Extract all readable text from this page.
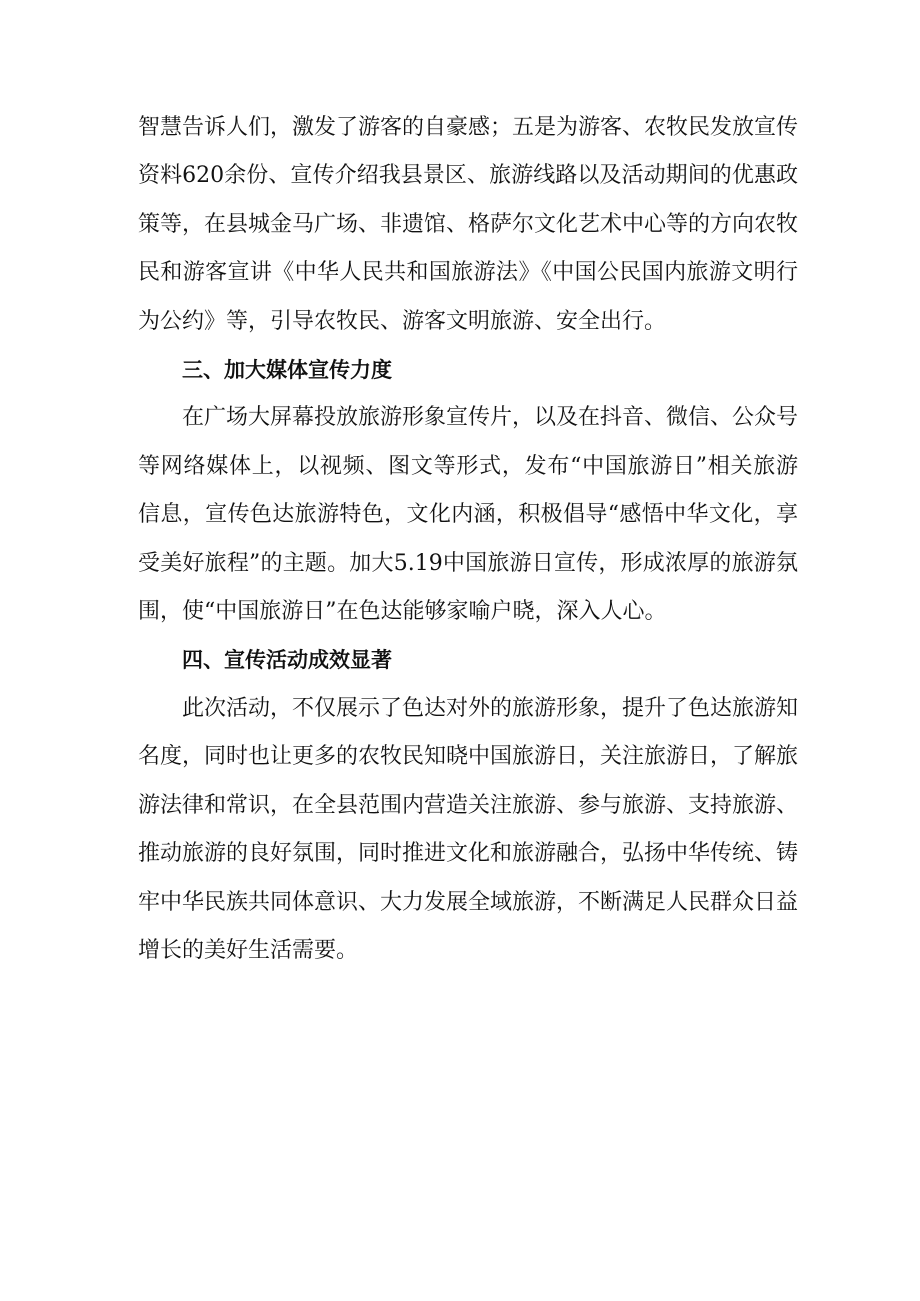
智慧告诉人们，激发了游客的自豪感；五是为游客、农牧民发放宣传资料620余份、宣传介绍我县景区、旅游线路以及活动期间的优惠政策等，在县城金马广场、非遗馆、格萨尔文化艺术中心等的方向农牧民和游客宣讲《中华人民共和国旅游法》《中国公民国内旅游文明行为公约》等，引导农牧民、游客文明旅游、安全出行。

三、加大媒体宣传力度

在广场大屏幕投放旅游形象宣传片，以及在抖音、微信、公众号等网络媒体上，以视频、图文等形式，发布“中国旅游日”相关旅游信息，宣传色达旅游特色，文化内涵，积极倡导“感悟中华文化，享受美好旅程”的主题。加大5.19中国旅游日宣传，形成浓厚的旅游氛围，使“中国旅游日”在色达能够家喻户晓，深入人心。

四、宣传活动成效显著

此次活动，不仅展示了色达对外的旅游形象，提升了色达旅游知名度，同时也让更多的农牧民知晓中国旅游日，关注旅游日，了解旅游法律和常识，在全县范围内营造关注旅游、参与旅游、支持旅游、推动旅游的良好氛围，同时推进文化和旅游融合，弘扬中华传统、铸牢中华民族共同体意识、大力发展全域旅游，不断满足人民群众日益增长的美好生活需要。
